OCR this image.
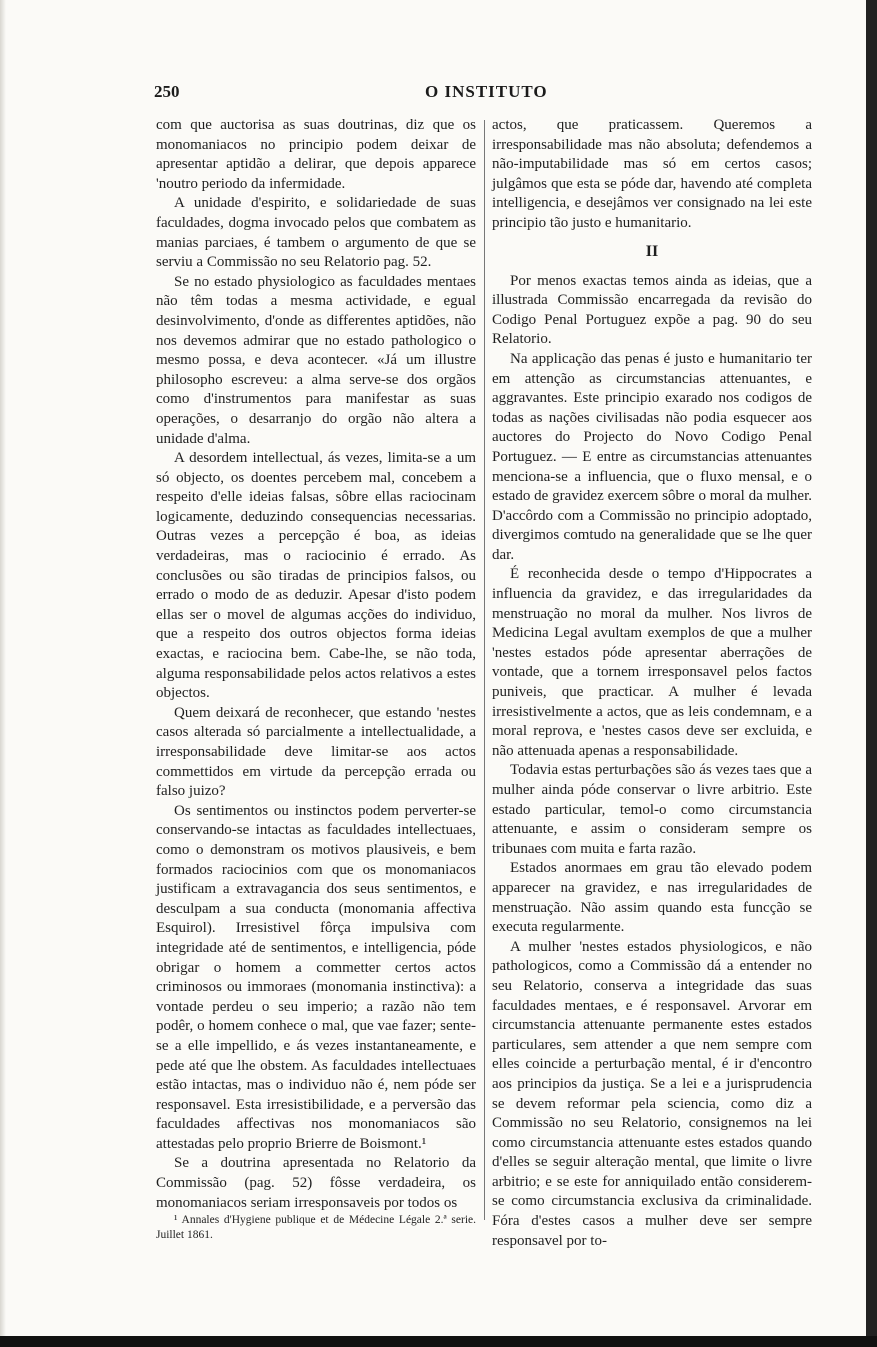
250	O INSTITUTO

com que auctorisa as suas doutrinas, diz que os monomaniacos no principio podem deixar de apresentar aptidão a delirar, que depois apparece 'noutro periodo da infermidade.

A unidade d'espirito, e solidariedade de suas faculdades, dogma invocado pelos que combatem as manias parciaes, é tambem o argumento de que se serviu a Commissão no seu Relatorio pag. 52.

Se no estado physiologico as faculdades mentaes não têm todas a mesma actividade, e egual desinvolvimento, d'onde as differentes aptidões, não nos devemos admirar que no estado pathologico o mesmo possa, e deva acontecer. «Já um illustre philosopho escreveu: a alma serve-se dos orgãos como d'instrumentos para manifestar as suas operações, o desarranjo do orgão não altera a unidade d'alma.

A desordem intellectual, ás vezes, limita-se a um só objecto, os doentes percebem mal, concebem a respeito d'elle ideias falsas, sôbre ellas raciocinam logicamente, deduzindo consequencias necessarias. Outras vezes a percepção é boa, as ideias verdadeiras, mas o raciocinio é errado. As conclusões ou são tiradas de principios falsos, ou errado o modo de as deduzir. Apesar d'isto podem ellas ser o movel de algumas acções do individuo, que a respeito dos outros objectos forma ideias exactas, e raciocina bem. Cabe-lhe, se não toda, alguma responsabilidade pelos actos relativos a estes objectos.

Quem deixará de reconhecer, que estando 'nestes casos alterada só parcialmente a intellectualidade, a irresponsabilidade deve limitar-se aos actos commettidos em virtude da percepção errada ou falso juizo?

Os sentimentos ou instinctos podem perverter-se conservando-se intactas as faculdades intellectuaes, como o demonstram os motivos plausiveis, e bem formados raciocinios com que os monomaniacos justificam a extravagancia dos seus sentimentos, e desculpam a sua conducta (monomania affectiva Esquirol). Irresistivel fôrça impulsiva com integridade até de sentimentos, e intelligencia, póde obrigar o homem a commetter certos actos criminosos ou immoraes (monomania instinctiva): a vontade perdeu o seu imperio; a razão não tem podêr, o homem conhece o mal, que vae fazer; sente-se a elle impellido, e ás vezes instantaneamente, e pede até que lhe obstem. As faculdades intellectuaes estão intactas, mas o individuo não é, nem póde ser responsavel. Esta irresistibilidade, e a perversão das faculdades affectivas nos monomaniacos são attestadas pelo proprio Brierre de Boismont.¹

Se a doutrina apresentada no Relatorio da Commissão (pag. 52) fôsse verdadeira, os monomaniacos seriam irresponsaveis por todos os

¹ Annales d'Hygiene publique et de Médecine Légale 2.ª serie. Juillet 1861.

actos, que praticassem. Queremos a irresponsabilidade mas não absoluta; defendemos a não-imputabilidade mas só em certos casos; julgâmos que esta se póde dar, havendo até completa intelligencia, e desejâmos ver consignado na lei este principio tão justo e humanitario.

II

Por menos exactas temos ainda as ideias, que a illustrada Commissão encarregada da revisão do Codigo Penal Portuguez expõe a pag. 90 do seu Relatorio.

Na applicação das penas é justo e humanitario ter em attenção as circumstancias attenuantes, e aggravantes. Este principio exarado nos codigos de todas as nações civilisadas não podia esquecer aos auctores do Projecto do Novo Codigo Penal Portuguez. — E entre as circumstancias attenuantes menciona-se a influencia, que o fluxo mensal, e o estado de gravidez exercem sôbre o moral da mulher. D'accôrdo com a Commissão no principio adoptado, divergimos comtudo na generalidade que se lhe quer dar.

É reconhecida desde o tempo d'Hippocrates a influencia da gravidez, e das irregularidades da menstruação no moral da mulher. Nos livros de Medicina Legal avultam exemplos de que a mulher 'nestes estados póde apresentar aberrações de vontade, que a tornem irresponsavel pelos factos puniveis, que practicar. A mulher é levada irresistivelmente a actos, que as leis condemnam, e a moral reprova, e 'nestes casos deve ser excluida, e não attenuada apenas a responsabilidade.

Todavia estas perturbações são ás vezes taes que a mulher ainda póde conservar o livre arbitrio. Este estado particular, temol-o como circumstancia attenuante, e assim o consideram sempre os tribunaes com muita e farta razão.

Estados anormaes em grau tão elevado podem apparecer na gravidez, e nas irregularidades de menstruação. Não assim quando esta funcção se executa regularmente.

A mulher 'nestes estados physiologicos, e não pathologicos, como a Commissão dá a entender no seu Relatorio, conserva a integridade das suas faculdades mentaes, e é responsavel. Arvorar em circumstancia attenuante permanente estes estados particulares, sem attender a que nem sempre com elles coincide a perturbação mental, é ir d'encontro aos principios da justiça. Se a lei e a jurisprudencia se devem reformar pela sciencia, como diz a Commissão no seu Relatorio, consignemos na lei como circumstancia attenuante estes estados quando d'elles se seguir alteração mental, que limite o livre arbitrio; e se este for anniquilado então considerem-se como circumstancia exclusiva da criminalidade. Fóra d'estes casos a mulher deve ser sempre responsavel por to-
